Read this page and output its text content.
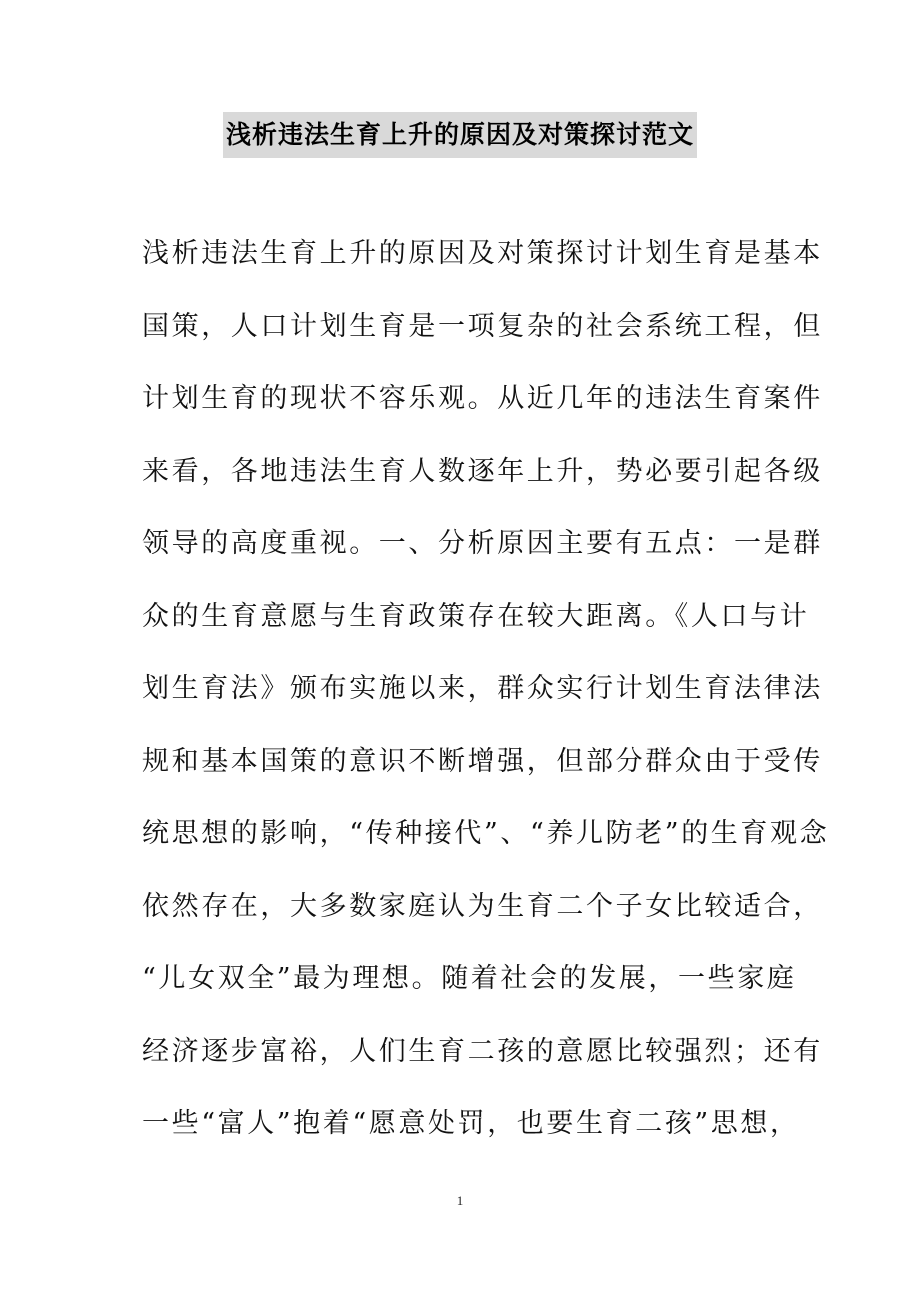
浅析违法生育上升的原因及对策探讨范文
浅析违法生育上升的原因及对策探讨计划生育是基本
国策，人口计划生育是一项复杂的社会系统工程，但
计划生育的现状不容乐观。从近几年的违法生育案件
来看，各地违法生育人数逐年上升，势必要引起各级
领导的高度重视。一、分析原因主要有五点：一是群
众的生育意愿与生育政策存在较大距离。《人口与计
划生育法》颁布实施以来，群众实行计划生育法律法
规和基本国策的意识不断增强，但部分群众由于受传
统思想的影响，“传种接代”、“养儿防老”的生育观念
依然存在，大多数家庭认为生育二个子女比较适合，
“儿女双全”最为理想。随着社会的发展，一些家庭
经济逐步富裕，人们生育二孩的意愿比较强烈；还有
一些“富人”抱着“愿意处罚，也要生育二孩”思想，
1
